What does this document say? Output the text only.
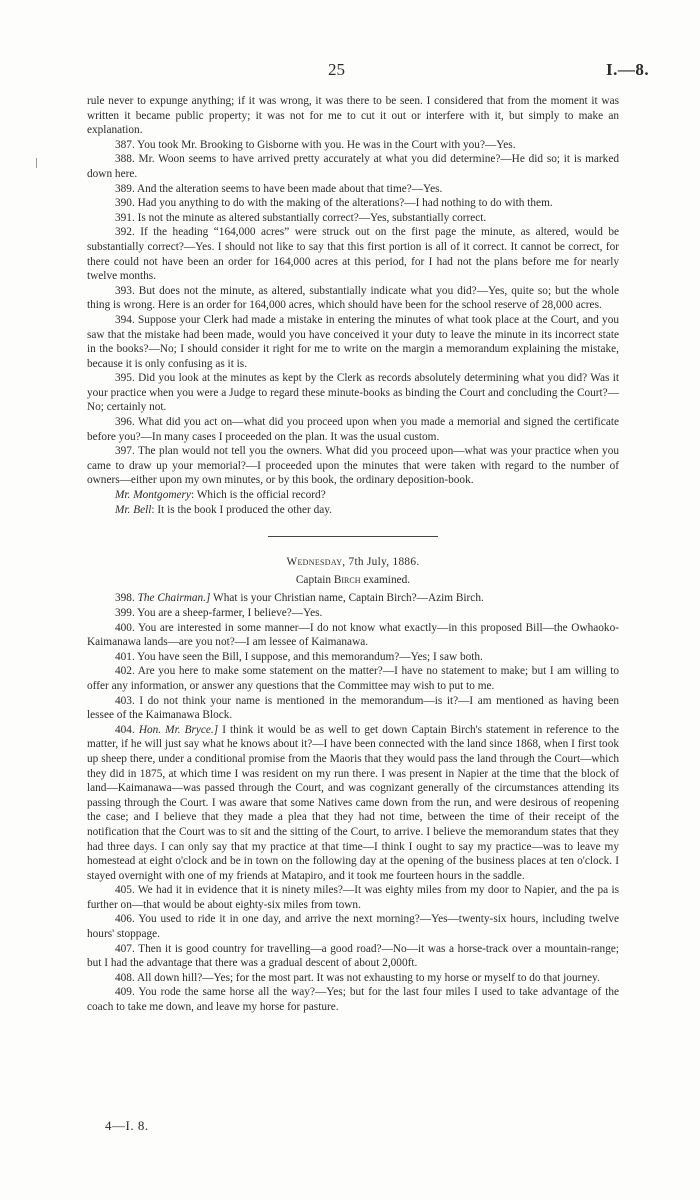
25	I.—8.

rule never to expunge anything; if it was wrong, it was there to be seen. I considered that from the moment it was written it became public property; it was not for me to cut it out or interfere with it, but simply to make an explanation.

387. You took Mr. Brooking to Gisborne with you. He was in the Court with you?—Yes.

388. Mr. Woon seems to have arrived pretty accurately at what you did determine?—He did so; it is marked down here.

389. And the alteration seems to have been made about that time?—Yes.

390. Had you anything to do with the making of the alterations?—I had nothing to do with them.

391. Is not the minute as altered substantially correct?—Yes, substantially correct.

392. If the heading “164,000 acres” were struck out on the first page the minute, as altered, would be substantially correct?—Yes. I should not like to say that this first portion is all of it correct. It cannot be correct, for there could not have been an order for 164,000 acres at this period, for I had not the plans before me for nearly twelve months.

393. But does not the minute, as altered, substantially indicate what you did?—Yes, quite so; but the whole thing is wrong. Here is an order for 164,000 acres, which should have been for the school reserve of 28,000 acres.

394. Suppose your Clerk had made a mistake in entering the minutes of what took place at the Court, and you saw that the mistake had been made, would you have conceived it your duty to leave the minute in its incorrect state in the books?—No; I should consider it right for me to write on the margin a memorandum explaining the mistake, because it is only confusing as it is.

395. Did you look at the minutes as kept by the Clerk as records absolutely determining what you did? Was it your practice when you were a Judge to regard these minute-books as binding the Court and concluding the Court?—No; certainly not.

396. What did you act on—what did you proceed upon when you made a memorial and signed the certificate before you?—In many cases I proceeded on the plan. It was the usual custom.

397. The plan would not tell you the owners. What did you proceed upon—what was your practice when you came to draw up your memorial?—I proceeded upon the minutes that were taken with regard to the number of owners—either upon my own minutes, or by this book, the ordinary deposition-book.

Mr. Montgomery: Which is the official record?

Mr. Bell: It is the book I produced the other day.

Wednesday, 7th July, 1886.

Captain Birch examined.

398. The Chairman.] What is your Christian name, Captain Birch?—Azim Birch.

399. You are a sheep-farmer, I believe?—Yes.

400. You are interested in some manner—I do not know what exactly—in this proposed Bill—the Owhaoko-Kaimanawa lands—are you not?—I am lessee of Kaimanawa.

401. You have seen the Bill, I suppose, and this memorandum?—Yes; I saw both.

402. Are you here to make some statement on the matter?—I have no statement to make; but I am willing to offer any information, or answer any questions that the Committee may wish to put to me.

403. I do not think your name is mentioned in the memorandum—is it?—I am mentioned as having been lessee of the Kaimanawa Block.

404. Hon. Mr. Bryce.] I think it would be as well to get down Captain Birch's statement in reference to the matter, if he will just say what he knows about it?—I have been connected with the land since 1868, when I first took up sheep there, under a conditional promise from the Maoris that they would pass the land through the Court—which they did in 1875, at which time I was resident on my run there. I was present in Napier at the time that the block of land—Kaimanawa—was passed through the Court, and was cognizant generally of the circumstances attending its passing through the Court. I was aware that some Natives came down from the run, and were desirous of reopening the case; and I believe that they made a plea that they had not time, between the time of their receipt of the notification that the Court was to sit and the sitting of the Court, to arrive. I believe the memorandum states that they had three days. I can only say that my practice at that time—I think I ought to say my practice—was to leave my homestead at eight o'clock and be in town on the following day at the opening of the business places at ten o'clock. I stayed overnight with one of my friends at Matapiro, and it took me fourteen hours in the saddle.

405. We had it in evidence that it is ninety miles?—It was eighty miles from my door to Napier, and the pa is further on—that would be about eighty-six miles from town.

406. You used to ride it in one day, and arrive the next morning?—Yes—twenty-six hours, including twelve hours' stoppage.

407. Then it is good country for travelling—a good road?—No—it was a horse-track over a mountain-range; but I had the advantage that there was a gradual descent of about 2,000ft.

408. All down hill?—Yes; for the most part. It was not exhausting to my horse or myself to do that journey.

409. You rode the same horse all the way?—Yes; but for the last four miles I used to take advantage of the coach to take me down, and leave my horse for pasture.

4—I. 8.
